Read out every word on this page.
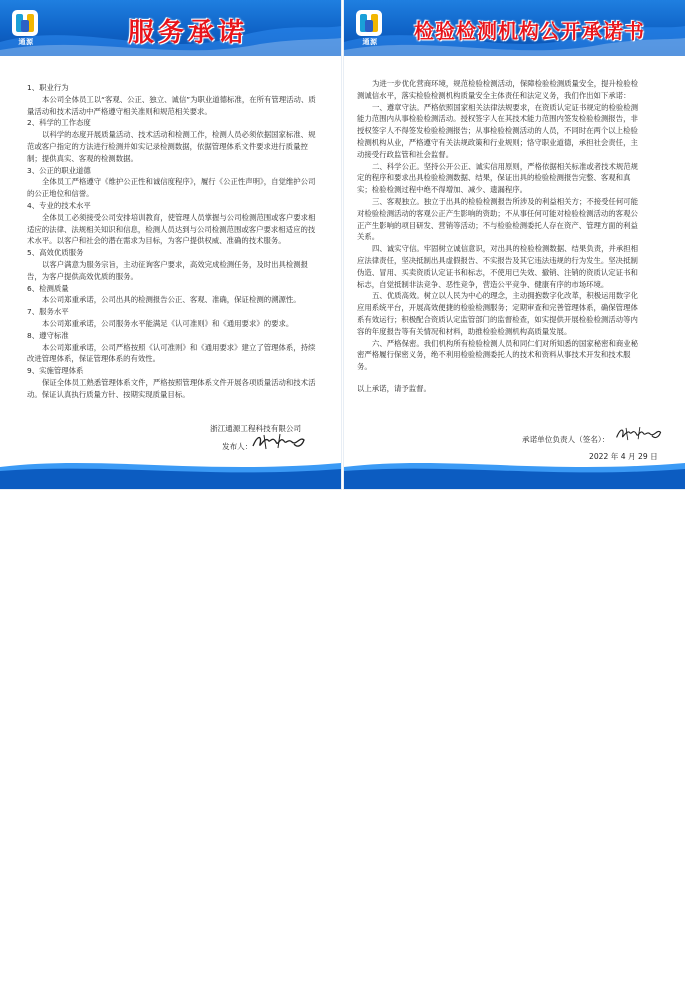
通源	服务承诺

1、职业行为

本公司全体员工以“客观、公正、独立、诚信”为职业道德标准，在所有管理活动、质量活动和技术活动中严格遵守相关准则和规范相关要求。

2、科学的工作态度

以科学的态度开展质量活动、技术活动和检测工作，检测人员必须依据国家标准、规范或客户指定的方法进行检测并如实记录检测数据，依据管理体系文件要求进行质量控制；提供真实、客观的检测数据。

3、公正的职业道德

全体员工严格遵守《维护公正性和诚信度程序》，履行《公正性声明》，自觉维护公司的公正地位和信誉。

4、专业的技术水平

全体员工必须接受公司安排培训教育，使管理人员掌握与公司检测范围或客户要求相适应的法律、法规相关知识和信息，检测人员达到与公司检测范围或客户要求相适应的技术水平。以客户和社会的潜在需求为目标，为客户提供权威、准确的技术服务。

5、高效优质服务

以客户满意为服务宗旨，主动征询客户要求，高效完成检测任务，及时出具检测报告，为客户提供高效优质的服务。

6、检测质量

本公司郑重承诺，公司出具的检测报告公正、客观、准确，保证检测的溯源性。

7、服务水平

本公司郑重承诺，公司服务水平能满足《认可准则》和《通用要求》的要求。

8、遵守标准

本公司郑重承诺，公司严格按照《认可准则》和《通用要求》建立了管理体系，持续改进管理体系，保证管理体系的有效性。

9、实施管理体系

保证全体员工熟悉管理体系文件，严格按照管理体系文件开展各项质量活动和技术活动。保证认真执行质量方针、按期实现质量目标。

浙江通源工程科技有限公司
发布人：
通源	检验检测机构公开承诺书

为进一步优化营商环境，规范检验检测活动，保障检验检测质量安全，提升检验检测诚信水平，落实检验检测机构质量安全主体责任和法定义务，我们作出如下承诺：

一、遵章守法。严格依照国家相关法律法规要求，在资质认定证书规定的检验检测能力范围内从事检验检测活动。授权签字人在其技术能力范围内签发检验检测报告，非授权签字人不得签发检验检测报告；从事检验检测活动的人员，不同时在两个以上检验检测机构从业，严格遵守有关法规政策和行业规则；恪守职业道德，承担社会责任，主动接受行政监管和社会监督。

二、科学公正。坚持公开公正、诚实信用原则，严格依据相关标准或者技术规范规定的程序和要求出具检验检测数据、结果，保证出具的检验检测报告完整、客观和真实；检验检测过程中绝不得增加、减少、遗漏程序。

三、客观独立。独立于出具的检验检测报告所涉及的利益相关方；不接受任何可能对检验检测活动的客观公正产生影响的资助；不从事任何可能对检验检测活动的客观公正产生影响的项目研发、营销等活动；不与检验检测委托人存在资产、管理方面的利益关系。

四、诚实守信。牢固树立诚信意识，对出具的检验检测数据、结果负责，并承担相应法律责任，坚决抵制出具虚假报告、不实报告及其它违法违规的行为发生。坚决抵制伪造、冒用、买卖资质认定证书和标志，不使用已失效、撤销、注销的资质认定证书和标志，自觉抵制非法竞争、恶性竞争，营造公平竞争、健康有序的市场环境。

五、优质高效。树立以人民为中心的理念，主动拥抱数字化改革，积极运用数字化应用系统平台，开展高效便捷的检验检测服务；定期审查和完善管理体系，确保管理体系有效运行；积极配合资质认定监管部门的监督检查，如实提供开展检验检测活动等内容的年度报告等有关情况和材料，助推检验检测机构高质量发展。

六、严格保密。我们机构所有检验检测人员和同仁们对所知悉的国家秘密和商业秘密严格履行保密义务，绝不利用检验检测委托人的技术和资料从事技术开发和技术服务。

以上承诺，请予监督。

承诺单位负责人（签名）：
2022 年 4 月 29 日
